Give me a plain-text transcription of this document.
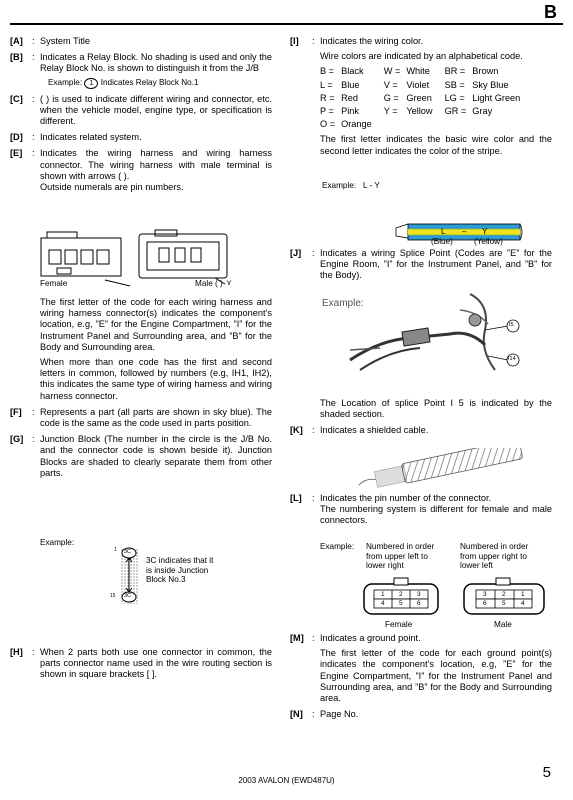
B
[A]	: System Title
[B]	: Indicates a Relay Block. No shading is used and only the Relay Block No. is shown to distinguish it from the J/B
Example: 1 Indicates Relay Block No.1
[C]	: ( ) is used to indicate different wiring and connector, etc. when the vehicle model, engine type, or specification is different.
[D]	: Indicates related system.
[E]	: Indicates the wiring harness and wiring harness connector. The wiring harness with male terminal is shown with arrows ( ).
Outside numerals are pin numbers.
Female	Male ( ) ⋎
The first letter of the code for each wiring harness and wiring harness connector(s) indicates the component’s location, e.g, ”E” for the Engine Compartment, ”I” for the Instrument Panel and Surrounding area, and ”B” for the Body and Surrounding area.
When more than one code has the first and second letters in common, followed by numbers (e.g, IH1, IH2), this indicates the same type of wiring harness and wiring harness connector.
[F]	: Represents a part (all parts are shown in sky blue). The code is the same as the code used in parts position.
[G] : Junction Block (The number in the circle is the J/B No. and the connector code is shown beside it). Junction Blocks are shaded to clearly separate them from other parts.
Example:
3C
3C
1
15
3C indicates that it is inside Junction Block No.3
[H]	: When 2 parts both use one connector in common, the parts connector name used in the wire routing section is shown in square brackets [ ].
[I]	: Indicates the wiring color.
Wire colors are indicated by an alphabetical code.
B =	Black	W =	White	BR =	Brown
L =	Blue	V =	Violet	SB =	Sky Blue
R =	Red	G =	Green	LG =	Light Green
P =	Pink	Y =	Yellow	GR =	Gray
O =	Orange				
The first letter indicates the basic wire color and the second letter indicates the color of the stripe.
Example: L - Y
L – Y
(Blue)	(Yellow)
[J]	: Indicates a wiring Splice Point (Codes are ”E” for the Engine Room, ”I” for the Instrument Panel, and ”B” for the Body).
Example:
I5
I14
The Location of splice Point I 5 is indicated by the shaded section.
[K]	: Indicates a shielded cable.
[L]	: Indicates the pin number of the connector.
The numbering system is different for female and male connectors.
Example: Numbered in order from upper left to lower right
Numbered in order from upper right to lower left
1 2 3
4 5 6
3 2 1
6 5 4
Female	Male
[M] : Indicates a ground point.
The first letter of the code for each ground point(s) indicates the component’s location, e.g, ”E” for the Engine Compartment, ”I” for the Instrument Panel and Surrounding area, and ”B” for the Body and Surrounding area.
[N]	: Page No.
5
2003 AVALON (EWD487U)
